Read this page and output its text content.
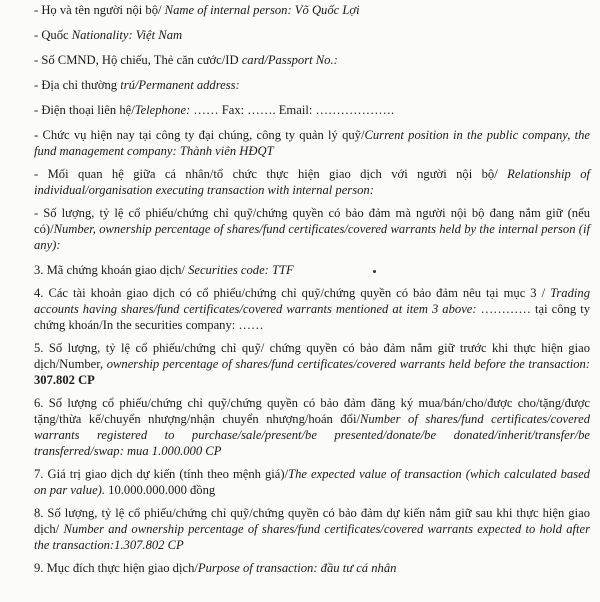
- Họ và tên người nội bộ/ Name of internal person: Võ Quốc Lợi

- Quốc Nationality: Việt Nam

- Số CMND, Hộ chiếu, Thẻ căn cước/ID card/Passport No.:

- Địa chỉ thường trú/Permanent address:

- Điện thoại liên hệ/Telephone: …… Fax: ……. Email: ……………….

- Chức vụ hiện nay tại công ty đại chúng, công ty quản lý quỹ/Current position in the public company, the fund management company: Thành viên HĐQT

- Mối quan hệ giữa cá nhân/tổ chức thực hiện giao dịch với người nội bộ/ Relationship of individual/organisation executing transaction with internal person:

- Số lượng, tỷ lệ cổ phiếu/chứng chỉ quỹ/chứng quyền có bảo đảm mà người nội bộ đang nắm giữ (nếu có)/Number, ownership percentage of shares/fund certificates/covered warrants held by the internal person (if any):

3. Mã chứng khoán giao dịch/ Securities code: TTF

4. Các tài khoản giao dịch có cổ phiếu/chứng chỉ quỹ/chứng quyền có bảo đảm nêu tại mục 3 / Trading accounts having shares/fund certificates/covered warrants mentioned at item 3 above: ………… tại công ty chứng khoán/In the securities company: ……

5. Số lượng, tỷ lệ cổ phiếu/chứng chỉ quỹ/ chứng quyền có bảo đảm nắm giữ trước khi thực hiện giao dịch/Number, ownership percentage of shares/fund certificates/covered warrants held before the transaction: 307.802 CP

6. Số lượng cổ phiếu/chứng chỉ quỹ/chứng quyền có bảo đảm đăng ký mua/bán/cho/được cho/tặng/được tặng/thừa kế/chuyển nhượng/nhận chuyển nhượng/hoán đổi/Number of shares/fund certificates/covered warrants registered to purchase/sale/present/be presented/donate/be donated/inherit/transfer/be transferred/swap: mua 1.000.000 CP

7. Giá trị giao dịch dự kiến (tính theo mệnh giá)/The expected value of transaction (which calculated based on par value). 10.000.000.000 đồng

8. Số lượng, tỷ lệ cổ phiếu/chứng chỉ quỹ/chứng quyền có bảo đảm dự kiến nắm giữ sau khi thực hiện giao dịch/ Number and ownership percentage of shares/fund certificates/covered warrants expected to hold after the transaction:1.307.802 CP

9. Mục đích thực hiện giao dịch/Purpose of transaction: đầu tư cá nhân
